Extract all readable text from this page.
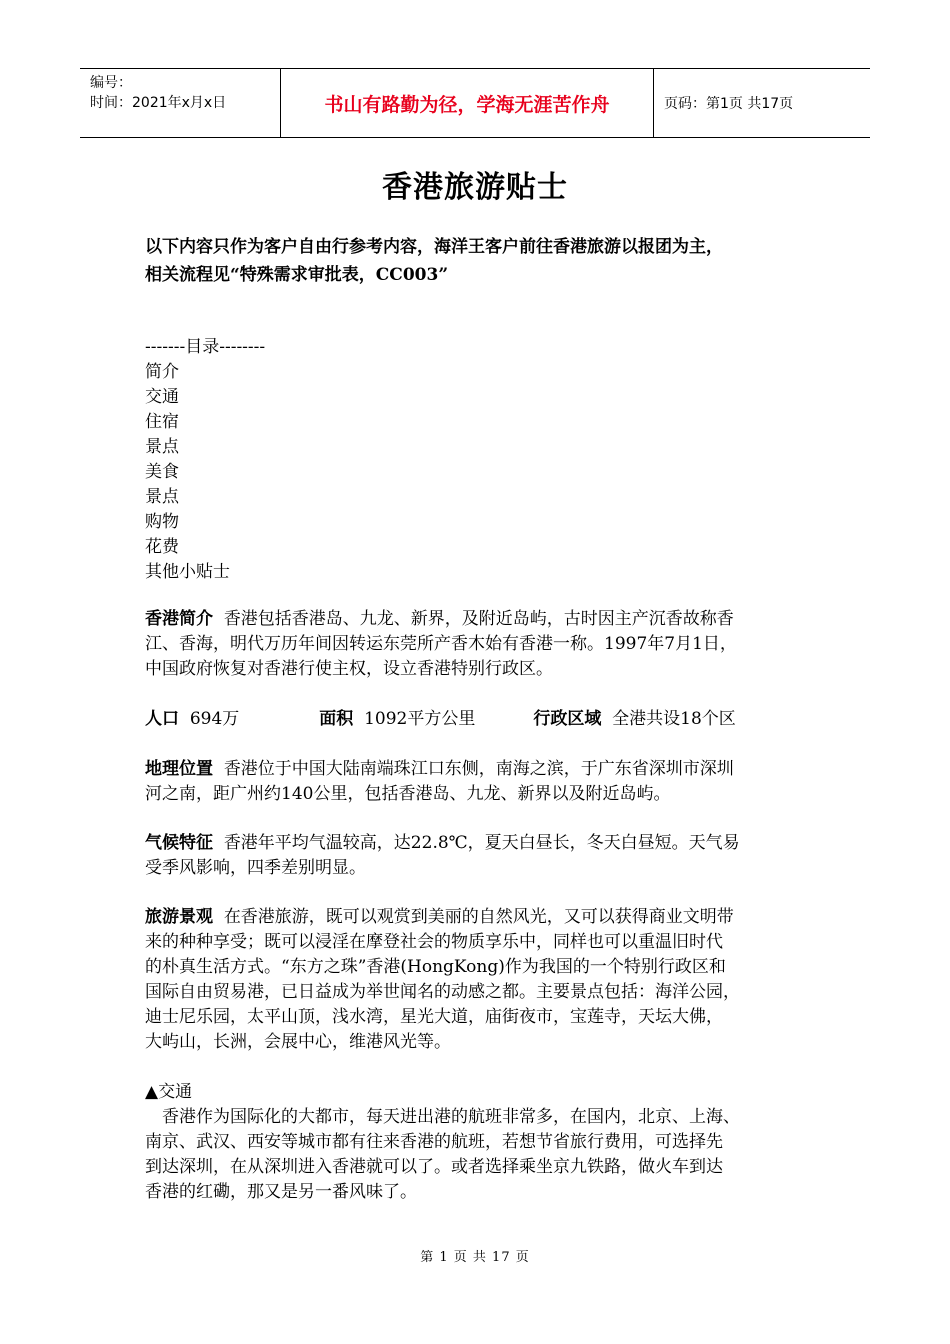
编号：
时间：2021年x月x日	书山有路勤为径，学海无涯苦作舟	页码：第1页 共17页
香港旅游贴士
以下内容只作为客户自由行参考内容，海洋王客户前往香港旅游以报团为主，
相关流程见“特殊需求审批表，CC003”
-------目录--------
简介
交通
住宿
景点
美食
景点
购物
花费
其他小贴士
香港简介 香港包括香港岛、九龙、新界，及附近岛屿，古时因主产沉香故称香
江、香海，明代万历年间因转运东莞所产香木始有香港一称。1997年7月1日，
中国政府恢复对香港行使主权，设立香港特别行政区。
人口 694万	面积 1092平方公里	行政区域 全港共设18个区
地理位置 香港位于中国大陆南端珠江口东侧，南海之滨，于广东省深圳市深圳
河之南，距广州约140公里，包括香港岛、九龙、新界以及附近岛屿。
气候特征 香港年平均气温较高，达22.8℃，夏天白昼长，冬天白昼短。天气易
受季风影响，四季差别明显。
旅游景观 在香港旅游，既可以观赏到美丽的自然风光，又可以获得商业文明带
来的种种享受；既可以浸淫在摩登社会的物质享乐中，同样也可以重温旧时代
的朴真生活方式。“东方之珠”香港(HongKong)作为我国的一个特别行政区和
国际自由贸易港，已日益成为举世闻名的动感之都。主要景点包括：海洋公园，
迪士尼乐园，太平山顶，浅水湾，星光大道，庙街夜市，宝莲寺，天坛大佛，
大屿山，长洲，会展中心，维港风光等。
▲交通
香港作为国际化的大都市，每天进出港的航班非常多，在国内，北京、上海、
南京、武汉、西安等城市都有往来香港的航班，若想节省旅行费用，可选择先
到达深圳，在从深圳进入香港就可以了。或者选择乘坐京九铁路，做火车到达
香港的红磡，那又是另一番风味了。
第 1 页 共 17 页
